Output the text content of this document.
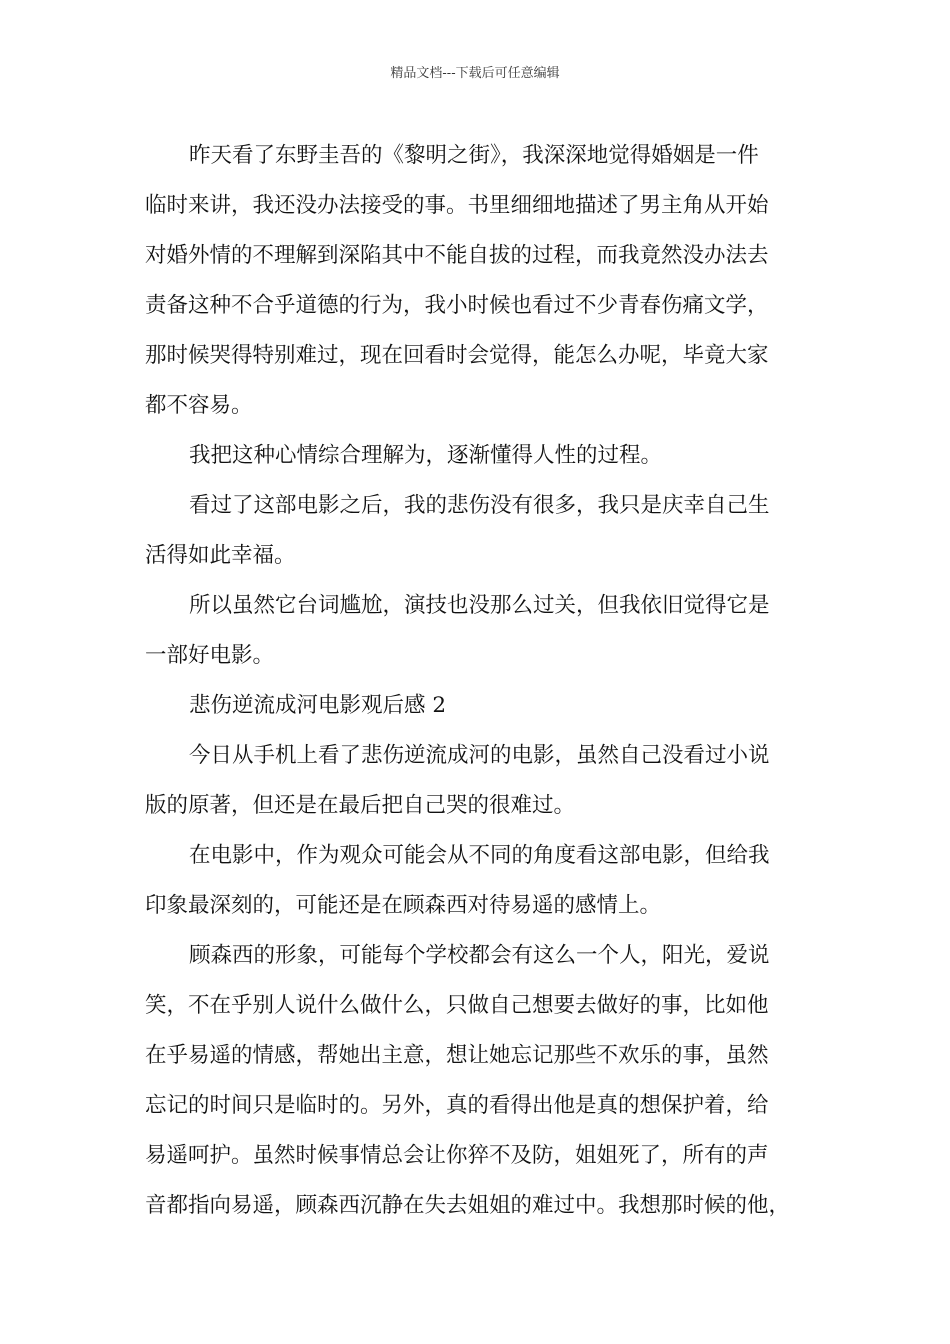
精品文档---下载后可任意编辑
昨天看了东野圭吾的《黎明之街》，我深深地觉得婚姻是一件
临时来讲，我还没办法接受的事。书里细细地描述了男主角从开始
对婚外情的不理解到深陷其中不能自拔的过程，而我竟然没办法去
责备这种不合乎道德的行为，我小时候也看过不少青春伤痛文学，
那时候哭得特别难过，现在回看时会觉得，能怎么办呢，毕竟大家
都不容易。
我把这种心情综合理解为，逐渐懂得人性的过程。
看过了这部电影之后，我的悲伤没有很多，我只是庆幸自己生
活得如此幸福。
所以虽然它台词尴尬，演技也没那么过关，但我依旧觉得它是
一部好电影。
悲伤逆流成河电影观后感 2
今日从手机上看了悲伤逆流成河的电影，虽然自己没看过小说
版的原著，但还是在最后把自己哭的很难过。
在电影中，作为观众可能会从不同的角度看这部电影，但给我
印象最深刻的，可能还是在顾森西对待易遥的感情上。
顾森西的形象，可能每个学校都会有这么一个人，阳光，爱说
笑，不在乎别人说什么做什么，只做自己想要去做好的事，比如他
在乎易遥的情感，帮她出主意，想让她忘记那些不欢乐的事，虽然
忘记的时间只是临时的。另外，真的看得出他是真的想保护着，给
易遥呵护。虽然时候事情总会让你猝不及防，姐姐死了，所有的声
音都指向易遥，顾森西沉静在失去姐姐的难过中。我想那时候的他，
